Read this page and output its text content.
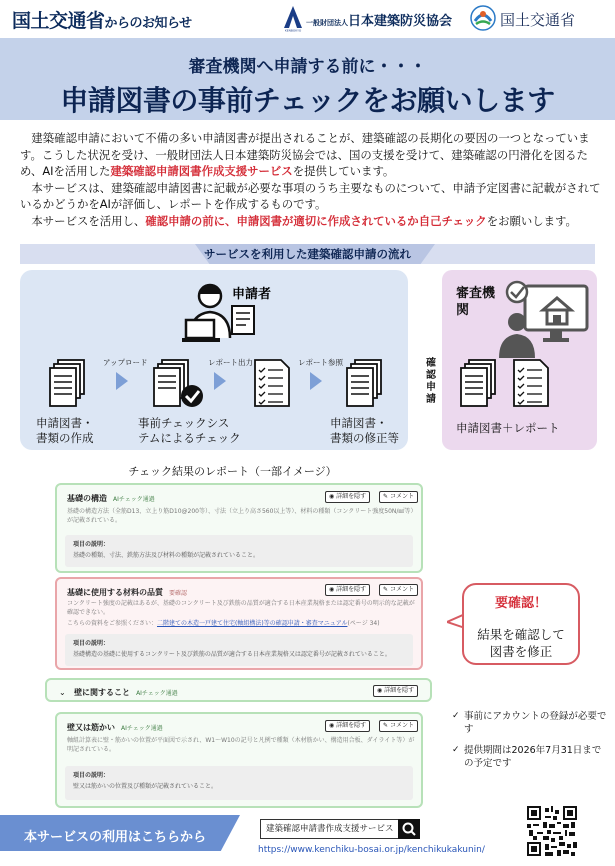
国土交通省からのお知らせ	KENBOKYO
一般財団法人日本建築防災協会	国土交通省
審査機関へ申請する前に・・・
申請図書の事前チェックをお願いします

建築確認申請において不備の多い申請図書が提出されることが、建築確認の長期化の要因の一つとなっています。こうした状況を受け、一般財団法人日本建築防災協会では、国の支援を受けて、建築確認の円滑化を図るため、AIを活用した建築確認申請図書作成支援サービスを提供しています。

本サービスは、建築確認申請図書に記載が必要な事項のうち主要なものについて、申請予定図書に記載がされているかどうかをAIが評価し、レポートを作成するものです。

本サービスを活用し、確認申請の前に、申請図書が適切に作成されているか自己チェックをお願いします。

サービスを利用した建築確認申請の流れ
申請者	審査機関
申請図書・
書類の作成
アップロード
事前チェックシス
テムによるチェック
レポート出力	レポート参照
申請図書・
書類の修正等
確認申請
申請図書＋レポート
チェック結果のレポート（一部イメージ）
基礎の構造 AIチェック通過	◉ 詳細を隠す	✎ コメント
基礎の構造方法（全筋D13、立上り筋D10@200等）、寸法（立上り高さ560以上等）、材料の種類（コンクリート強度50N/㎟等）が記載されている。
項目の説明：
基礎の種類、寸法、鉄筋方法及び材料の種類が記載されていること。
基礎に使用する材料の品質 要確認
◉ 詳細を隠す	✎ コメント
コンクリート強度の記載はあるが、基礎のコンクリート及び鉄筋の品質が適合する日本産業規格または認定番号の明示的な記載が確認できない。
こちらの資料をご参照ください：二階建ての木造一戸建て住宅(軸組構法)等の確認申請・審査マニュアル(ページ 34)
項目の説明：
基礎構造の基礎に使用するコンクリート及び鉄筋の品質が適合する日本産業規格又は認定番号が記載されていること。
⌄ 壁に関すること AIチェック通過	◉ 詳細を隠す
壁又は筋かい AIチェック通過	◉ 詳細を隠す	✎ コメント
軸組計算表に壁・筋かいの位置が平面図で示され、W1〜W10の記号と凡例で種類（木材筋かい、構造用合板、ダイライト等）が明記されている。
項目の説明：
壁又は筋かいの位置及び種類が記載されていること。
要確認！
結果を確認して
図書を修正
✓ 事前にアカウントの登録が必要です
✓ 提供期間は2026年7月31日までの予定です
本サービスの利用はこちらから
建築確認申請書作成支援サービス
https://www.kenchiku-bosai.or.jp/kenchikukakunin/
